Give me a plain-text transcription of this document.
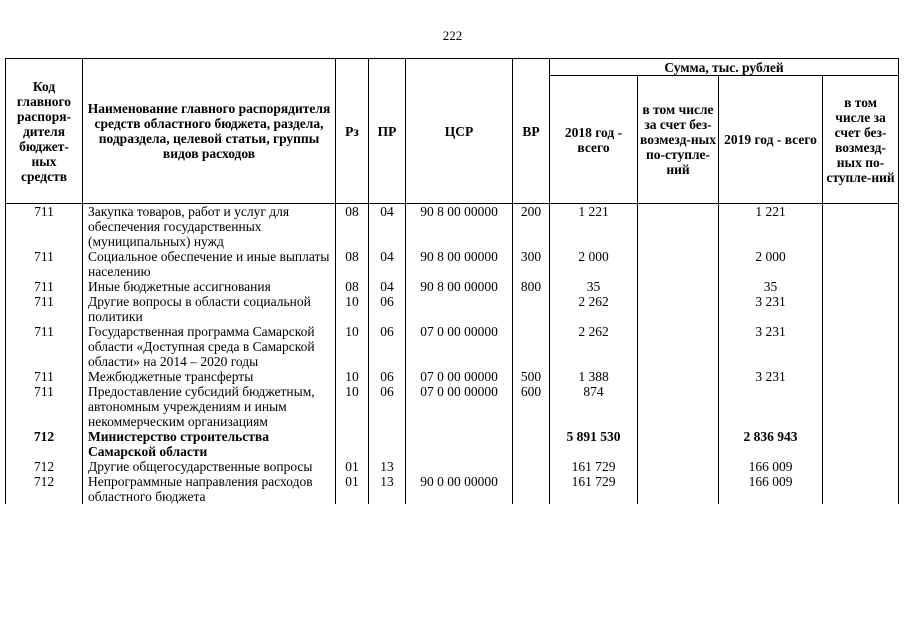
222
Код главного распоря-дителя бюджет-ных средств	Наименование главного распорядителя средств областного бюджета, раздела, подраздела, целевой статьи, группы видов расходов	Рз	ПР	ЦСР	ВР	Сумма, тыс. рублей			
						2018 год - всего	в том числе за счет без-возмезд-ных по-ступле-ний	2019 год - всего	в том числе за счет без-возмезд-ных по-ступле-ний
711	Закупка товаров, работ и услуг для обеспечения государственных (муниципальных) нужд	08	04	90 8 00 00000	200	1 221		1 221	
711	Социальное обеспечение и иные выплаты населению	08	04	90 8 00 00000	300	2 000		2 000	
711	Иные бюджетные ассигнования	08	04	90 8 00 00000	800	35		35	
711	Другие вопросы в области социальной политики	10	06			2 262		3 231	
711	Государственная программа Самарской области «Доступная среда в Самарской области» на 2014 – 2020 годы	10	06	07 0 00 00000		2 262		3 231	
711	Межбюджетные трансферты	10	06	07 0 00 00000	500	1 388		3 231	
711	Предоставление субсидий бюджетным, автономным учреждениям и иным некоммерческим организациям	10	06	07 0 00 00000	600	874			
712	Министерство строительства Самарской области					5 891 530		2 836 943	
712	Другие общегосударственные вопросы	01	13			161 729		166 009	
712	Непрограммные направления расходов областного бюджета	01	13	90 0 00 00000		161 729		166 009	
